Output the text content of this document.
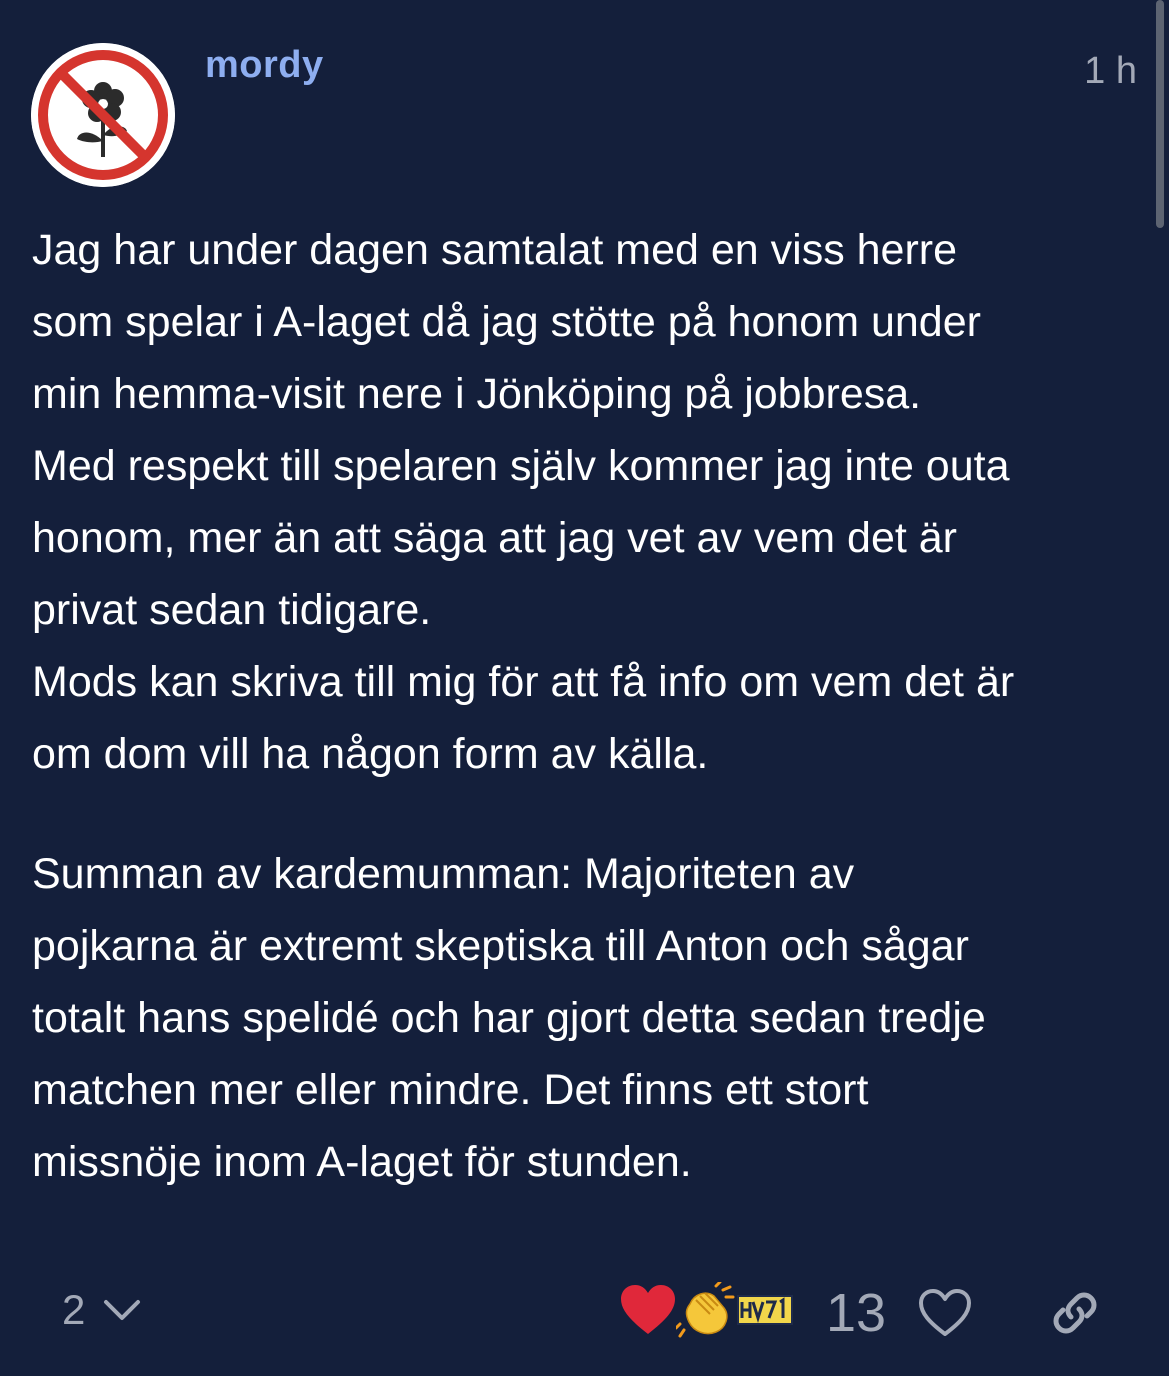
mordy	1 h

Jag har under dagen samtalat med en viss herre
som spelar i A-laget då jag stötte på honom under
min hemma-visit nere i Jönköping på jobbresa.
Med respekt till spelaren själv kommer jag inte outa
honom, mer än att säga att jag vet av vem det är
privat sedan tidigare.
Mods kan skriva till mig för att få info om vem det är
om dom vill ha någon form av källa.

Summan av kardemumman: Majoriteten av
pojkarna är extremt skeptiska till Anton och sågar
totalt hans spelidé och har gjort detta sedan tredje
matchen mer eller mindre. Det finns ett stort
missnöje inom A-laget för stunden.

2	13
